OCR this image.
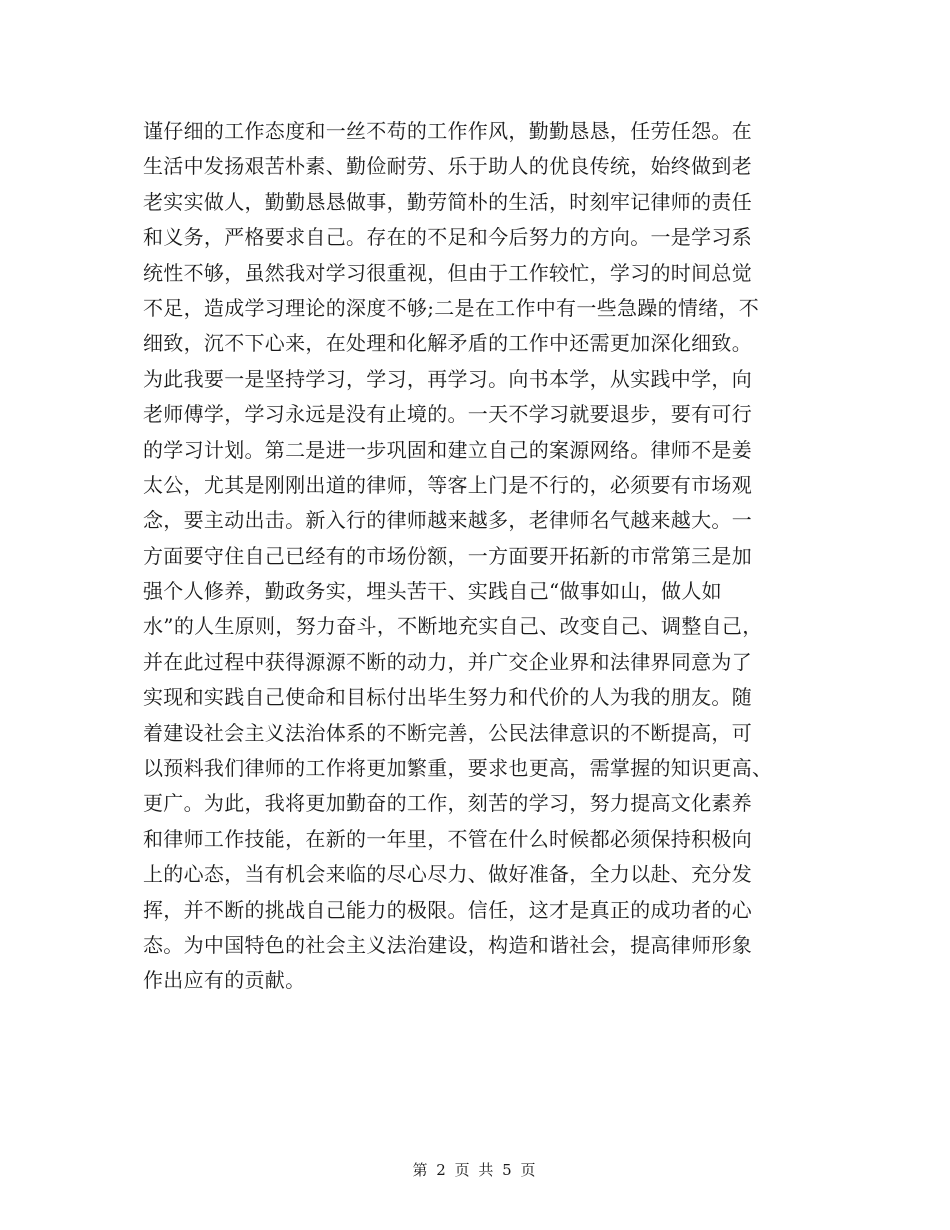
谨仔细的工作态度和一丝不苟的工作作风，勤勤恳恳，任劳任怨。在
生活中发扬艰苦朴素、勤俭耐劳、乐于助人的优良传统，始终做到老
老实实做人，勤勤恳恳做事，勤劳简朴的生活，时刻牢记律师的责任
和义务，严格要求自己。存在的不足和今后努力的方向。一是学习系
统性不够，虽然我对学习很重视，但由于工作较忙，学习的时间总觉
不足，造成学习理论的深度不够;二是在工作中有一些急躁的情绪，不
细致，沉不下心来，在处理和化解矛盾的工作中还需更加深化细致。
为此我要一是坚持学习，学习，再学习。向书本学，从实践中学，向
老师傅学，学习永远是没有止境的。一天不学习就要退步，要有可行
的学习计划。第二是进一步巩固和建立自己的案源网络。律师不是姜
太公，尤其是刚刚出道的律师，等客上门是不行的，必须要有市场观
念，要主动出击。新入行的律师越来越多，老律师名气越来越大。一
方面要守住自己已经有的市场份额，一方面要开拓新的市常第三是加
强个人修养，勤政务实，埋头苦干、实践自己“做事如山，做人如
水”的人生原则，努力奋斗，不断地充实自己、改变自己、调整自己，
并在此过程中获得源源不断的动力，并广交企业界和法律界同意为了
实现和实践自己使命和目标付出毕生努力和代价的人为我的朋友。随
着建设社会主义法治体系的不断完善，公民法律意识的不断提高，可
以预料我们律师的工作将更加繁重，要求也更高，需掌握的知识更高、
更广。为此，我将更加勤奋的工作，刻苦的学习，努力提高文化素养
和律师工作技能，在新的一年里，不管在什么时候都必须保持积极向
上的心态，当有机会来临的尽心尽力、做好准备，全力以赴、充分发
挥，并不断的挑战自己能力的极限。信任，这才是真正的成功者的心
态。为中国特色的社会主义法治建设，构造和谐社会，提高律师形象
作出应有的贡献。
第 2 页 共 5 页
